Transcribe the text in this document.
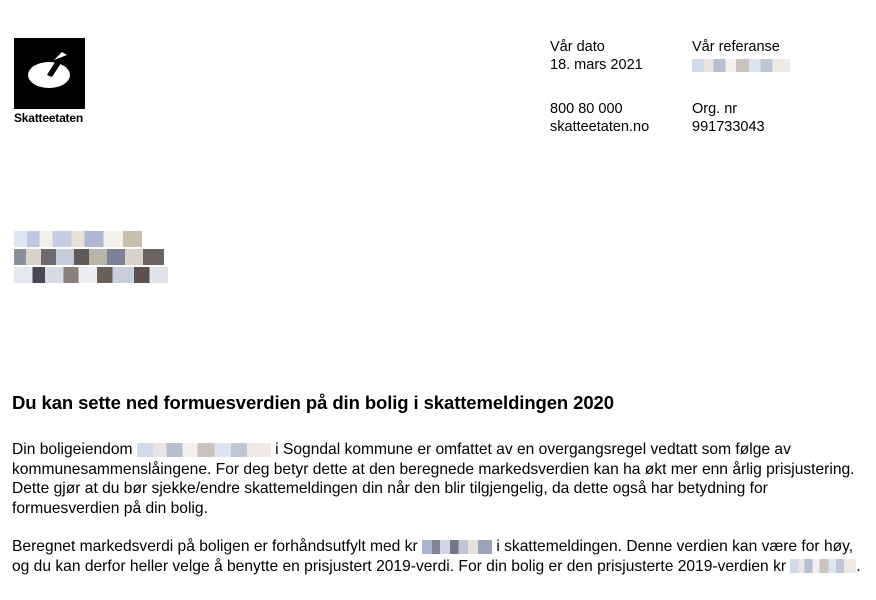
Skatteetaten
Vår dato
18. mars 2021
Vår referanse
800 80 000
skatteetaten.no
Org. nr
991733043
Du kan sette ned formuesverdien på din bolig i skattemeldingen 2020
Din boligeiendom	i Sogndal kommune er omfattet av en overgangsregel vedtatt som følge av kommunesammenslåingene. For deg betyr dette at den beregnede markedsverdien kan ha økt mer enn årlig prisjustering. Dette gjør at du bør sjekke/endre skattemeldingen din når den blir tilgjengelig, da dette også har betydning for formuesverdien på din bolig.
Beregnet markedsverdi på boligen er forhåndsutfylt med kr	i skattemeldingen. Denne verdien kan være for høy, og du kan derfor heller velge å benytte en prisjustert 2019-verdi. For din bolig er den prisjusterte 2019-verdien kr	.
